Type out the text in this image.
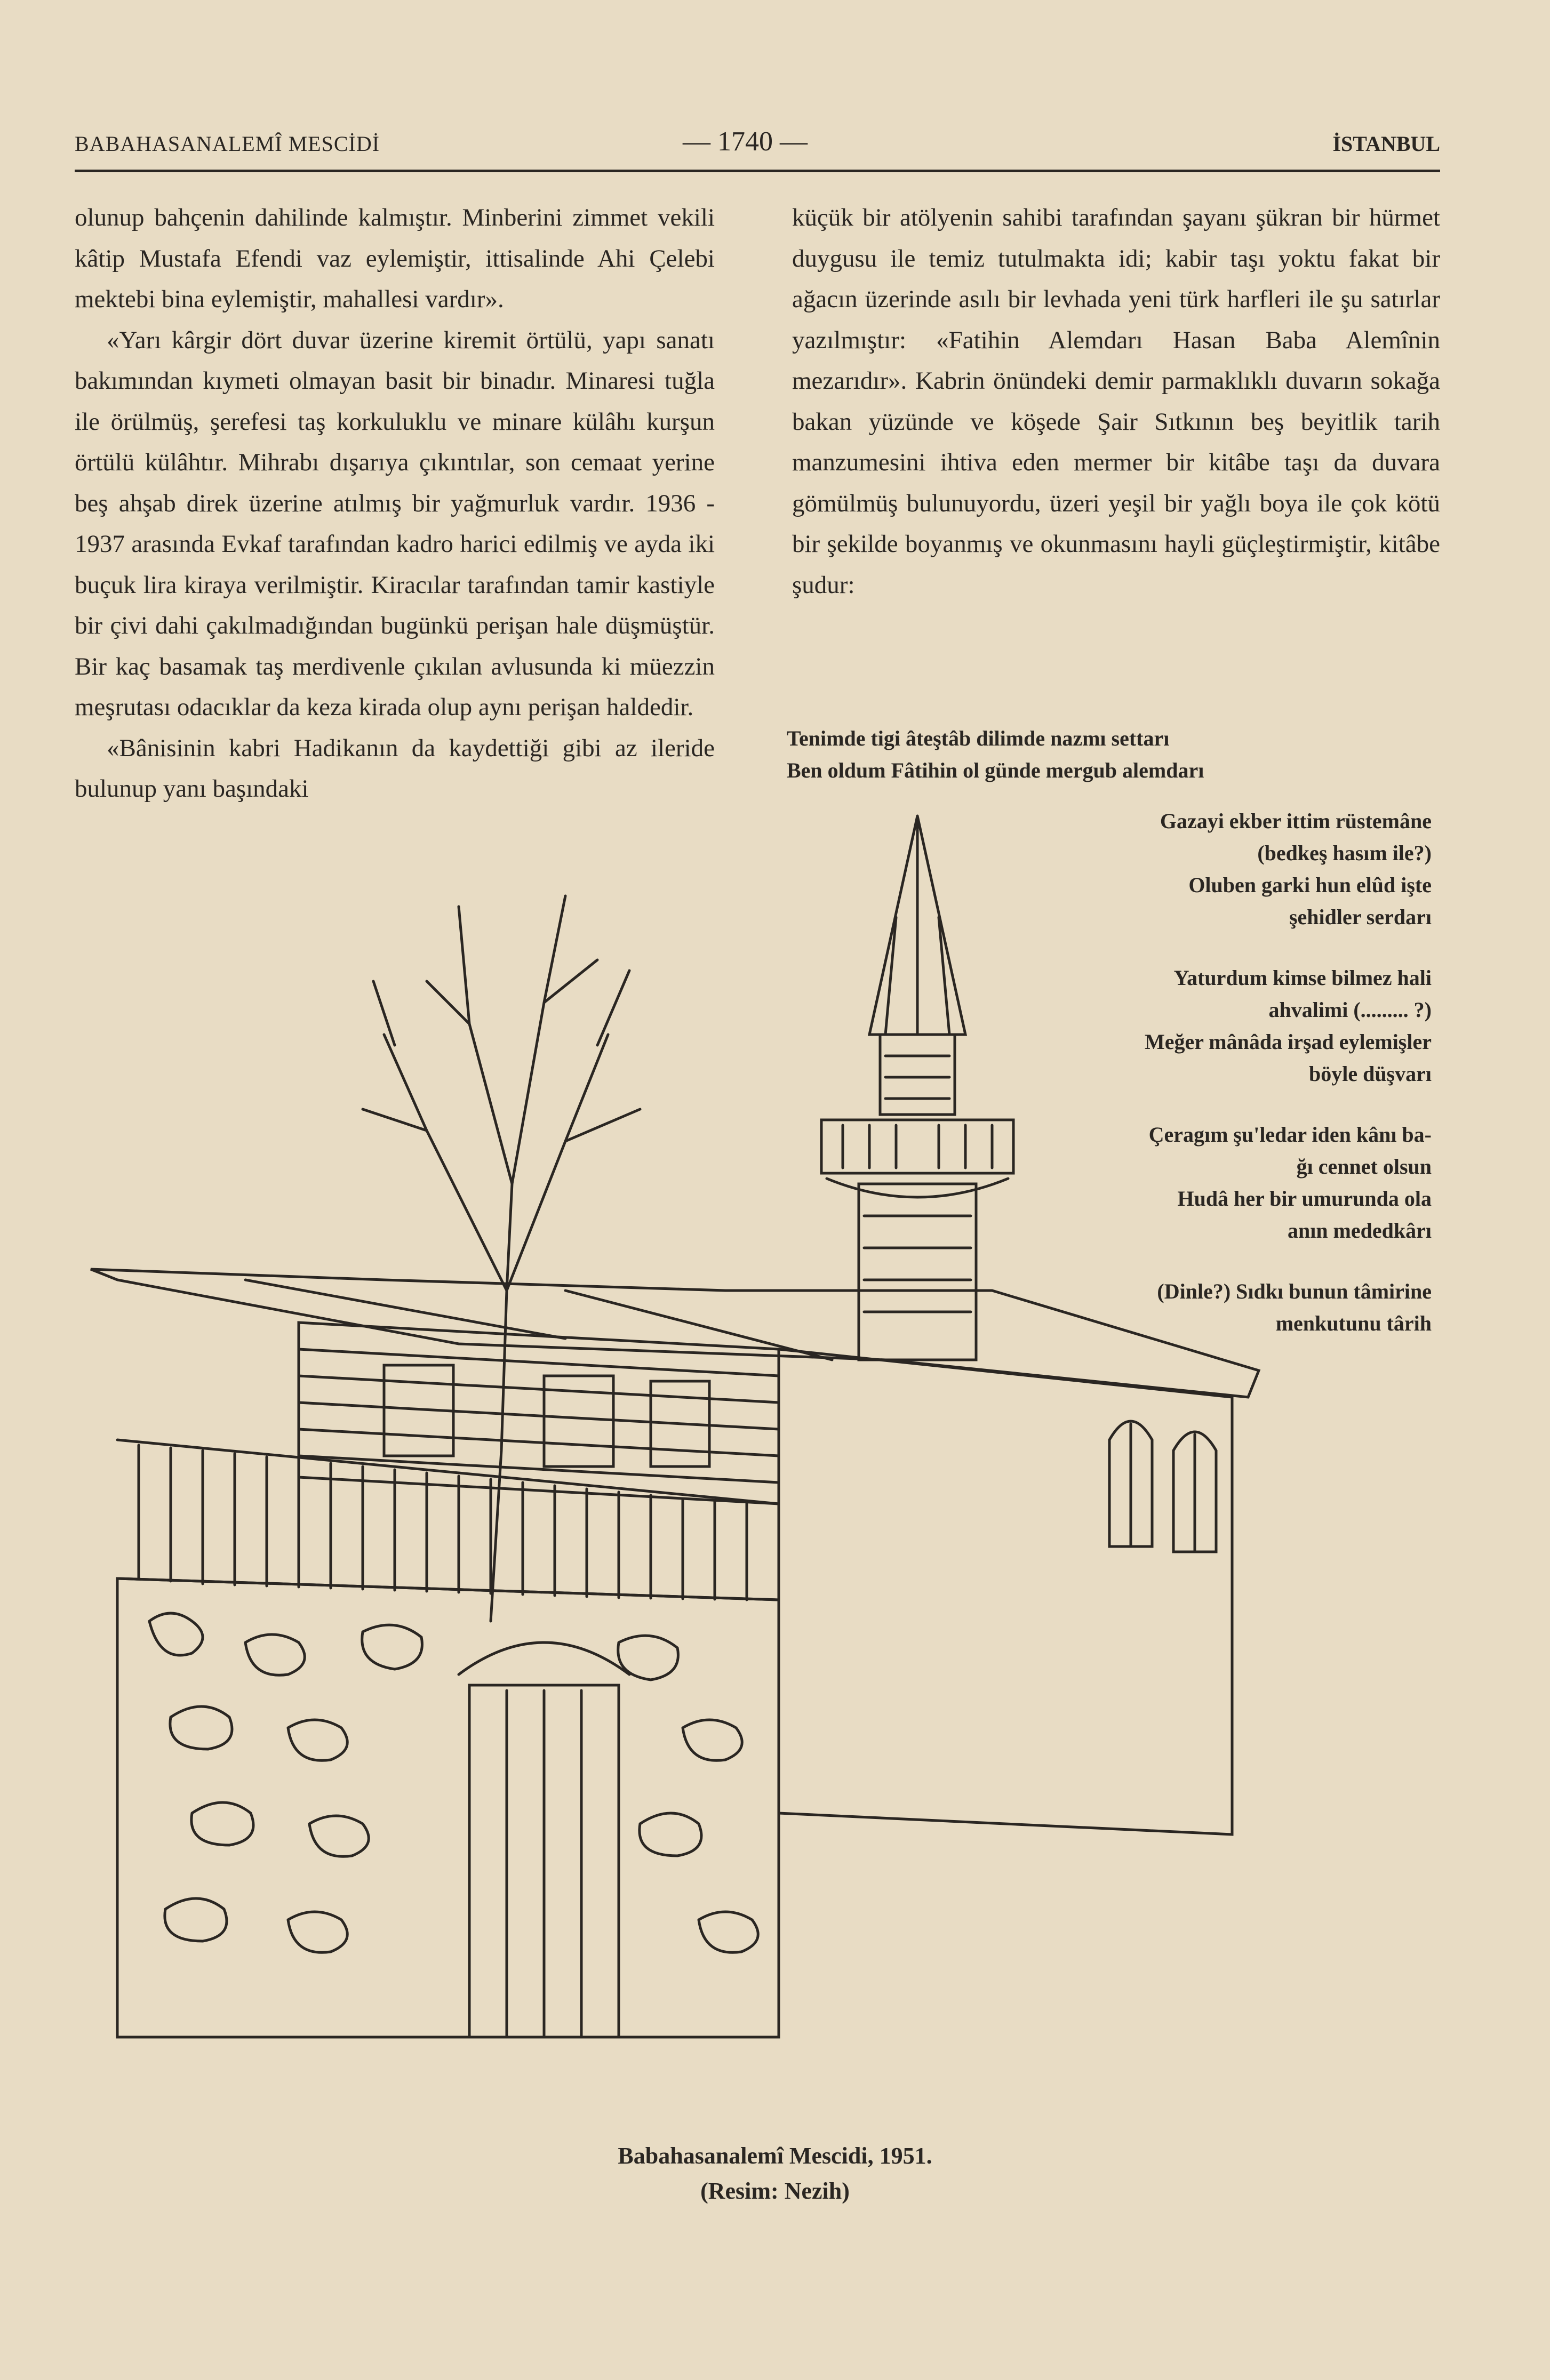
BABAHASANALEMÎ MESCİDİ	— 1740 —	İSTANBUL

olunup bahçenin dahilinde kalmıştır. Minberini zimmet vekili kâtip Mustafa Efendi vaz eylemiştir, ittisalinde Ahi Çelebi mektebi bina eylemiştir, mahallesi vardır».

«Yarı kârgir dört duvar üzerine kiremit örtülü, yapı sanatı bakımından kıymeti olmayan basit bir binadır. Minaresi tuğla ile örülmüş, şerefesi taş korkuluklu ve minare külâhı kurşun örtülü külâhtır. Mihrabı dışarıya çıkıntılar, son cemaat yerine beş ahşab direk üzerine atılmış bir yağmurluk vardır. 1936 - 1937 arasında Evkaf tarafından kadro harici edilmiş ve ayda iki buçuk lira kiraya verilmiştir. Kiracılar tarafından tamir kastiyle bir çivi dahi çakılmadığından bugünkü perişan hale düşmüştür. Bir kaç basamak taş merdivenle çıkılan avlusunda ki müezzin meşrutası odacıklar da keza kirada olup aynı perişan haldedir.

«Bânisinin kabri Hadikanın da kaydettiği gibi az ileride bulunup yanı başındaki

küçük bir atölyenin sahibi tarafından şayanı şükran bir hürmet duygusu ile temiz tutulmakta idi; kabir taşı yoktu fakat bir ağacın üzerinde asılı bir levhada yeni türk harfleri ile şu satırlar yazılmıştır: «Fatihin Alemdarı Hasan Baba Alemînin mezarıdır». Kabrin önündeki demir parmaklıklı duvarın sokağa bakan yüzünde ve köşede Şair Sıtkının beş beyitlik tarih manzumesini ihtiva eden mermer bir kitâbe taşı da duvara gömülmüş bulunuyordu, üzeri yeşil bir yağlı boya ile çok kötü bir şekilde boyanmış ve okunmasını hayli güçleştirmiştir, kitâbe şudur:

Tenimde tigi âteştâb dilimde nazmı settarı
Ben oldum Fâtihin ol günde mergub alemdarı
Gazayi ekber ittim rüstemâne
(bedkeş hasım ile?)
Oluben garki hun elûd işte
şehidler serdarı
Yaturdum kimse bilmez hali
ahvalimi (......... ?)
Meğer mânâda irşad eylemişler
böyle düşvarı
Çeragım şu'ledar iden kânı ba-
ğı cennet olsun
Hudâ her bir umurunda ola
anın mededkârı
(Dinle?) Sıdkı bunun tâmirine
menkutunu târih
Babahasanalemî Mescidi, 1951.
(Resim: Nezih)
